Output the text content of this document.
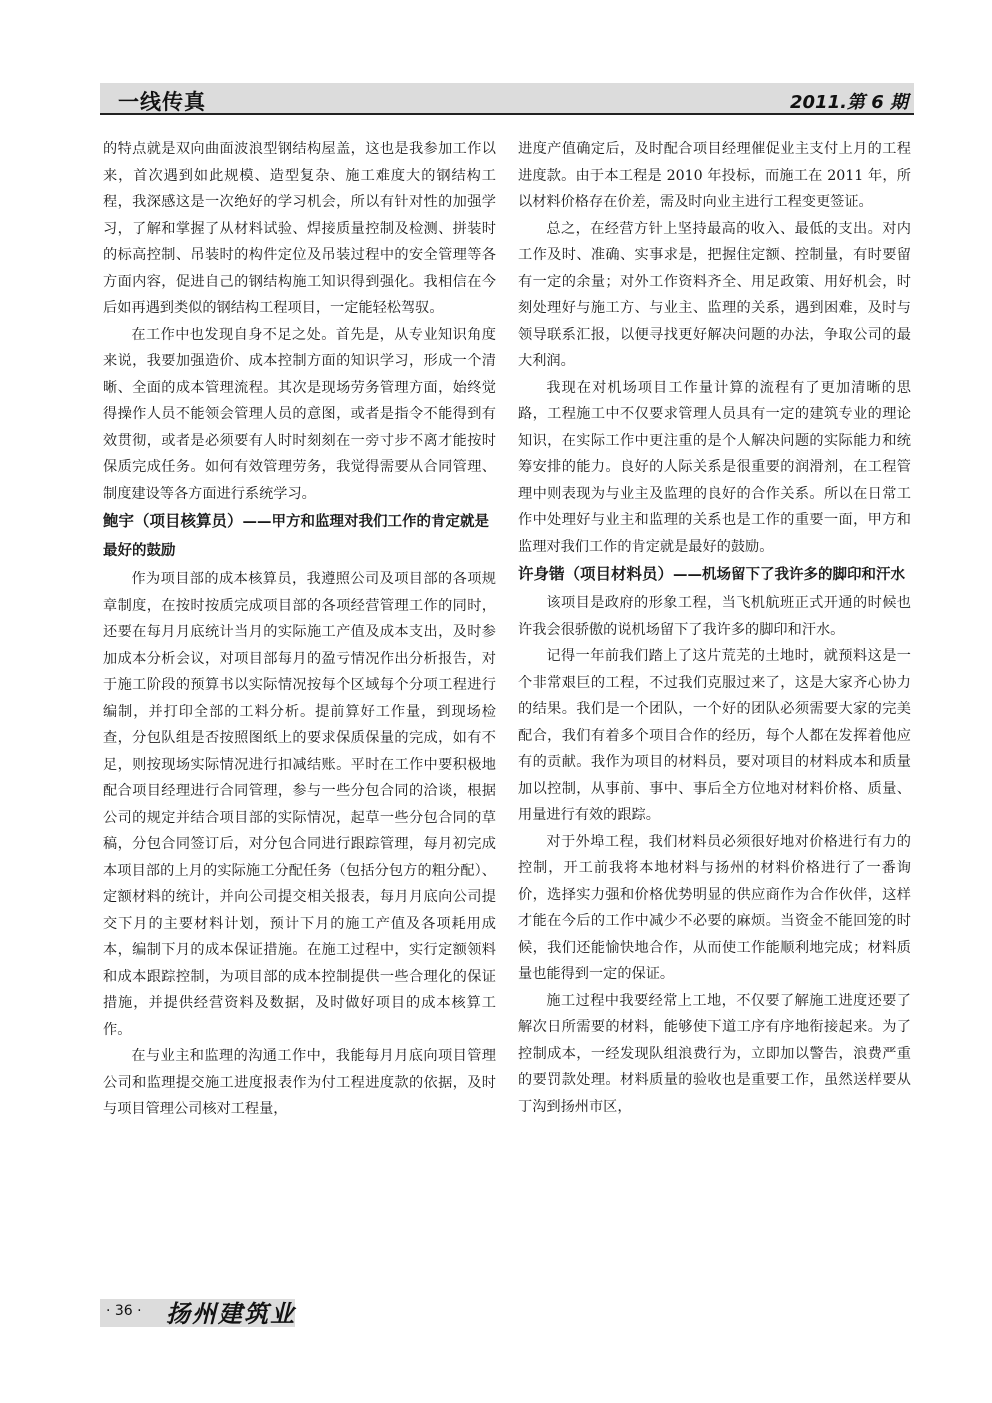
一线传真	2011.第 6 期

的特点就是双向曲面波浪型钢结构屋盖，这也是我参加工作以来，首次遇到如此规模、造型复杂、施工难度大的钢结构工程，我深感这是一次绝好的学习机会，所以有针对性的加强学习，了解和掌握了从材料试验、焊接质量控制及检测、拼装时的标高控制、吊装时的构件定位及吊装过程中的安全管理等各方面内容，促进自己的钢结构施工知识得到强化。我相信在今后如再遇到类似的钢结构工程项目，一定能轻松驾驭。

在工作中也发现自身不足之处。首先是，从专业知识角度来说，我要加强造价、成本控制方面的知识学习，形成一个清晰、全面的成本管理流程。其次是现场劳务管理方面，始终觉得操作人员不能领会管理人员的意图，或者是指令不能得到有效贯彻，或者是必须要有人时时刻刻在一旁寸步不离才能按时保质完成任务。如何有效管理劳务，我觉得需要从合同管理、制度建设等各方面进行系统学习。

鲍宇（项目核算员）——甲方和监理对我们工作的肯定就是最好的鼓励

作为项目部的成本核算员，我遵照公司及项目部的各项规章制度，在按时按质完成项目部的各项经营管理工作的同时，还要在每月月底统计当月的实际施工产值及成本支出，及时参加成本分析会议，对项目部每月的盈亏情况作出分析报告，对于施工阶段的预算书以实际情况按每个区域每个分项工程进行编制，并打印全部的工料分析。提前算好工作量，到现场检查，分包队组是否按照图纸上的要求保质保量的完成，如有不足，则按现场实际情况进行扣减结账。平时在工作中要积极地配合项目经理进行合同管理，参与一些分包合同的洽谈，根据公司的规定并结合项目部的实际情况，起草一些分包合同的草稿，分包合同签订后，对分包合同进行跟踪管理，每月初完成本项目部的上月的实际施工分配任务（包括分包方的粗分配）、定额材料的统计，并向公司提交相关报表，每月月底向公司提交下月的主要材料计划，预计下月的施工产值及各项耗用成本，编制下月的成本保证措施。在施工过程中，实行定额领料和成本跟踪控制，为项目部的成本控制提供一些合理化的保证措施，并提供经营资料及数据，及时做好项目的成本核算工作。

在与业主和监理的沟通工作中，我能每月月底向项目管理公司和监理提交施工进度报表作为付工程进度款的依据，及时与项目管理公司核对工程量，

进度产值确定后，及时配合项目经理催促业主支付上月的工程进度款。由于本工程是 2010 年投标，而施工在 2011 年，所以材料价格存在价差，需及时向业主进行工程变更签证。

总之，在经营方针上坚持最高的收入、最低的支出。对内工作及时、准确、实事求是，把握住定额、控制量，有时要留有一定的余量；对外工作资料齐全、用足政策、用好机会，时刻处理好与施工方、与业主、监理的关系，遇到困难，及时与领导联系汇报，以便寻找更好解决问题的办法，争取公司的最大利润。

我现在对机场项目工作量计算的流程有了更加清晰的思路，工程施工中不仅要求管理人员具有一定的建筑专业的理论知识，在实际工作中更注重的是个人解决问题的实际能力和统筹安排的能力。良好的人际关系是很重要的润滑剂，在工程管理中则表现为与业主及监理的良好的合作关系。所以在日常工作中处理好与业主和监理的关系也是工作的重要一面，甲方和监理对我们工作的肯定就是最好的鼓励。

许身锴（项目材料员）——机场留下了我许多的脚印和汗水

该项目是政府的形象工程，当飞机航班正式开通的时候也许我会很骄傲的说机场留下了我许多的脚印和汗水。

记得一年前我们踏上了这片荒芜的土地时，就预料这是一个非常艰巨的工程，不过我们克服过来了，这是大家齐心协力的结果。我们是一个团队，一个好的团队必须需要大家的完美配合，我们有着多个项目合作的经历，每个人都在发挥着他应有的贡献。我作为项目的材料员，要对项目的材料成本和质量加以控制，从事前、事中、事后全方位地对材料价格、质量、用量进行有效的跟踪。

对于外埠工程，我们材料员必须很好地对价格进行有力的控制，开工前我将本地材料与扬州的材料价格进行了一番询价，选择实力强和价格优势明显的供应商作为合作伙伴，这样才能在今后的工作中减少不必要的麻烦。当资金不能回笼的时候，我们还能愉快地合作，从而使工作能顺利地完成；材料质量也能得到一定的保证。

施工过程中我要经常上工地，不仅要了解施工进度还要了解次日所需要的材料，能够使下道工序有序地衔接起来。为了控制成本，一经发现队组浪费行为，立即加以警告，浪费严重的要罚款处理。材料质量的验收也是重要工作，虽然送样要从丁沟到扬州市区，

· 36 · 扬州建筑业
